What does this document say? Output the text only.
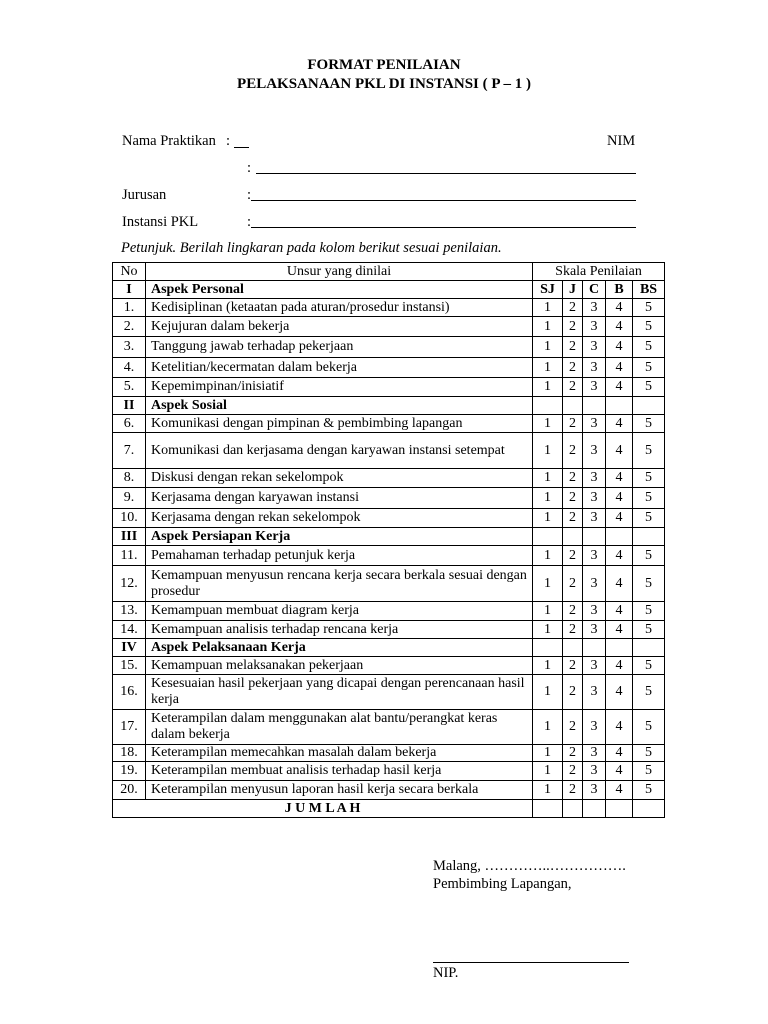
FORMAT PENILAIAN
PELAKSANAAN PKL DI INSTANSI ( P – 1 )
Nama Praktikan :	NIM
:
Jurusan	:
Instansi PKL	:
Petunjuk. Berilah lingkaran pada kolom berikut sesuai penilaian.
No	Unsur yang dinilai	Skala Penilaian				
I	Aspek Personal	SJ	J	C	B	BS
1.	Kedisiplinan (ketaatan pada aturan/prosedur instansi)	1	2	3	4	5
2.	Kejujuran dalam bekerja	1	2	3	4	5
3.	Tanggung jawab terhadap pekerjaan	1	2	3	4	5
4.	Ketelitian/kecermatan dalam bekerja	1	2	3	4	5
5.	Kepemimpinan/inisiatif	1	2	3	4	5
II	Aspek Sosial					
6.	Komunikasi dengan pimpinan & pembimbing lapangan	1	2	3	4	5
7.	Komunikasi dan kerjasama dengan karyawan instansi setempat	1	2	3	4	5
8.	Diskusi dengan rekan sekelompok	1	2	3	4	5
9.	Kerjasama dengan karyawan instansi	1	2	3	4	5
10.	Kerjasama dengan rekan sekelompok	1	2	3	4	5
III	Aspek Persiapan Kerja					
11.	Pemahaman terhadap petunjuk kerja	1	2	3	4	5
12.	Kemampuan menyusun rencana kerja secara berkala sesuai dengan prosedur	1	2	3	4	5
13.	Kemampuan membuat diagram kerja	1	2	3	4	5
14.	Kemampuan analisis terhadap rencana kerja	1	2	3	4	5
IV	Aspek Pelaksanaan Kerja					
15.	Kemampuan melaksanakan pekerjaan	1	2	3	4	5
16.	Kesesuaian hasil pekerjaan yang dicapai dengan perencanaan hasil kerja	1	2	3	4	5
17.	Keterampilan dalam menggunakan alat bantu/perangkat keras dalam bekerja	1	2	3	4	5
18.	Keterampilan memecahkan masalah dalam bekerja	1	2	3	4	5
19.	Keterampilan membuat analisis terhadap hasil kerja	1	2	3	4	5
20.	Keterampilan menyusun laporan hasil kerja secara berkala	1	2	3	4	5
J U M L A H						
Malang, …………..…………….
Pembimbing Lapangan,
NIP.
